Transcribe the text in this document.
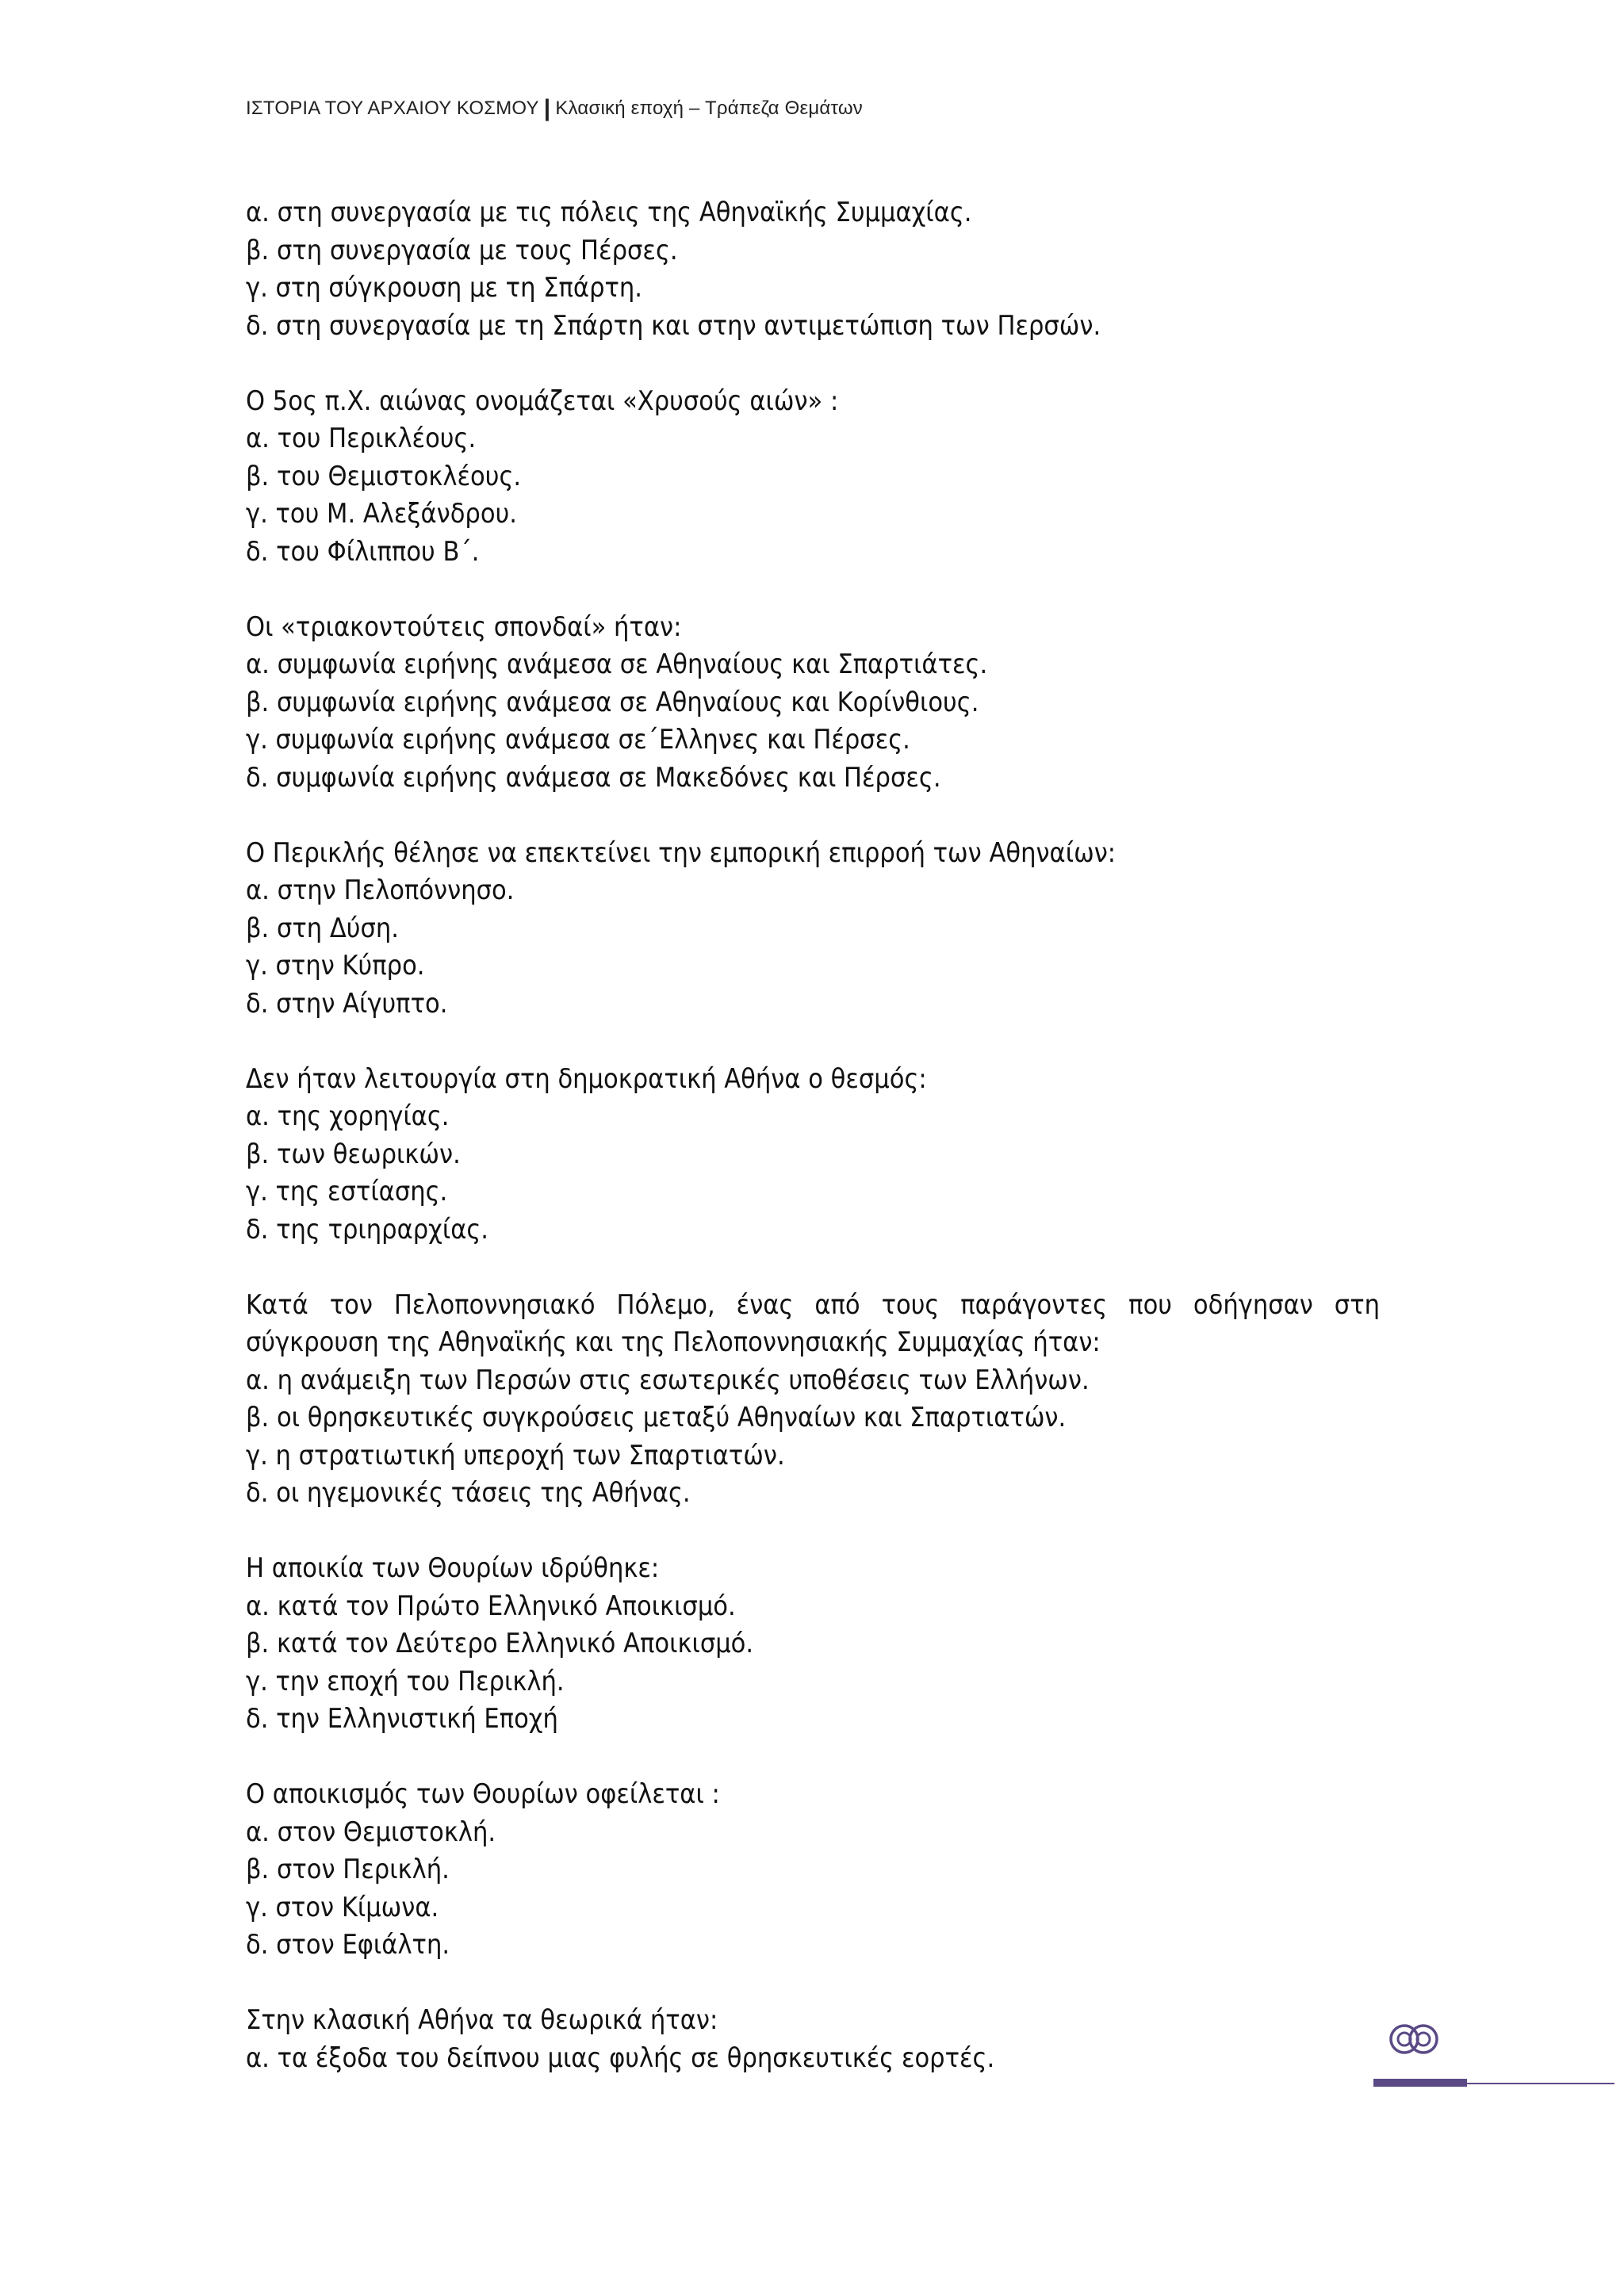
ΙΣΤΟΡΙΑ ΤΟΥ ΑΡΧΑΙΟΥ ΚΟΣΜΟΥ | Κλασική εποχή – Τράπεζα Θεμάτων
α. στη συνεργασία με τις πόλεις της Αθηναϊκής Συμμαχίας.
β. στη συνεργασία με τους Πέρσες.
γ. στη σύγκρουση με τη Σπάρτη.
δ. στη συνεργασία με τη Σπάρτη και στην αντιμετώπιση των Περσών.
Ο 5ος π.Χ. αιώνας ονομάζεται «Χρυσούς αιών» :
α. του Περικλέους.
β. του Θεμιστοκλέους.
γ. του Μ. Αλεξάνδρου.
δ. του Φίλιππου Β΄.
Οι «τριακοντούτεις σπονδαί» ήταν:
α. συμφωνία ειρήνης ανάμεσα σε Αθηναίους και Σπαρτιάτες.
β. συμφωνία ειρήνης ανάμεσα σε Αθηναίους και Κορίνθιους.
γ. συμφωνία ειρήνης ανάμεσα σε΄Ελληνες και Πέρσες.
δ. συμφωνία ειρήνης ανάμεσα σε Μακεδόνες και Πέρσες.
Ο Περικλής θέλησε να επεκτείνει την εμπορική επιρροή των Αθηναίων:
α. στην Πελοπόννησο.
β. στη Δύση.
γ. στην Κύπρο.
δ. στην Αίγυπτο.
Δεν ήταν λειτουργία στη δημοκρατική Αθήνα ο θεσμός:
α. της χορηγίας.
β. των θεωρικών.
γ. της εστίασης.
δ. της τριηραρχίας.
Κατά τον Πελοποννησιακό Πόλεμο, ένας από τους παράγοντες που οδήγησαν στη σύγκρουση της Αθηναϊκής και της Πελοποννησιακής Συμμαχίας ήταν:
α. η ανάμειξη των Περσών στις εσωτερικές υποθέσεις των Ελλήνων.
β. οι θρησκευτικές συγκρούσεις μεταξύ Αθηναίων και Σπαρτιατών.
γ. η στρατιωτική υπεροχή των Σπαρτιατών.
δ. οι ηγεμονικές τάσεις της Αθήνας.
Η αποικία των Θουρίων ιδρύθηκε:
α. κατά τον Πρώτο Ελληνικό Αποικισμό.
β. κατά τον Δεύτερο Ελληνικό Αποικισμό.
γ. την εποχή του Περικλή.
δ. την Ελληνιστική Εποχή
Ο αποικισμός των Θουρίων οφείλεται :
α. στον Θεμιστοκλή.
β. στον Περικλή.
γ. στον Κίμωνα.
δ. στον Εφιάλτη.
Στην κλασική Αθήνα τα θεωρικά ήταν:
α. τα έξοδα του δείπνου μιας φυλής σε θρησκευτικές εορτές.
